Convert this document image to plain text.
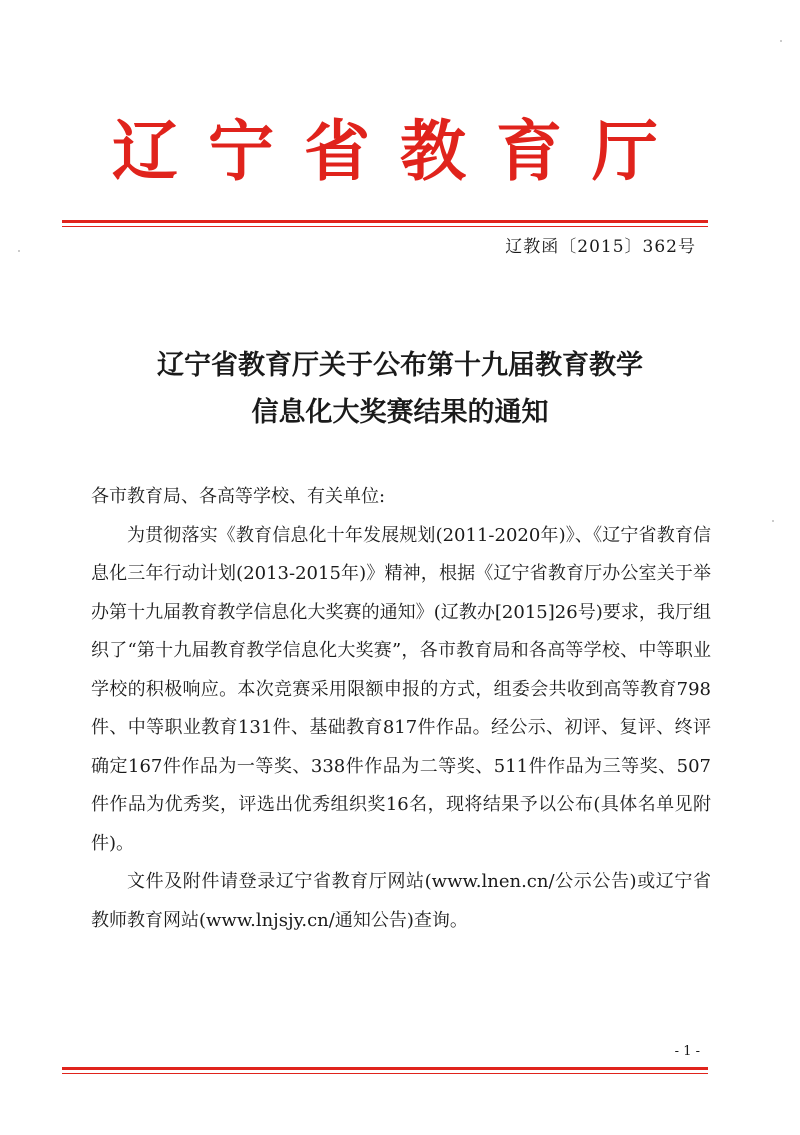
辽宁省教育厅
辽教函〔2015〕362号
辽宁省教育厅关于公布第十九届教育教学
信息化大奖赛结果的通知

各市教育局、各高等学校、有关单位:

为贯彻落实《教育信息化十年发展规划(2011-2020年)》、《辽宁省教育信息化三年行动计划(2013-2015年)》精神，根据《辽宁省教育厅办公室关于举办第十九届教育教学信息化大奖赛的通知》(辽教办[2015]26号)要求，我厅组织了“第十九届教育教学信息化大奖赛”，各市教育局和各高等学校、中等职业学校的积极响应。本次竞赛采用限额申报的方式，组委会共收到高等教育798件、中等职业教育131件、基础教育817件作品。经公示、初评、复评、终评确定167件作品为一等奖、338件作品为二等奖、511件作品为三等奖、507件作品为优秀奖，评选出优秀组织奖16名，现将结果予以公布(具体名单见附件)。

文件及附件请登录辽宁省教育厅网站(www.lnen.cn/公示公告)或辽宁省教师教育网站(www.lnjsjy.cn/通知公告)查询。

- 1 -
